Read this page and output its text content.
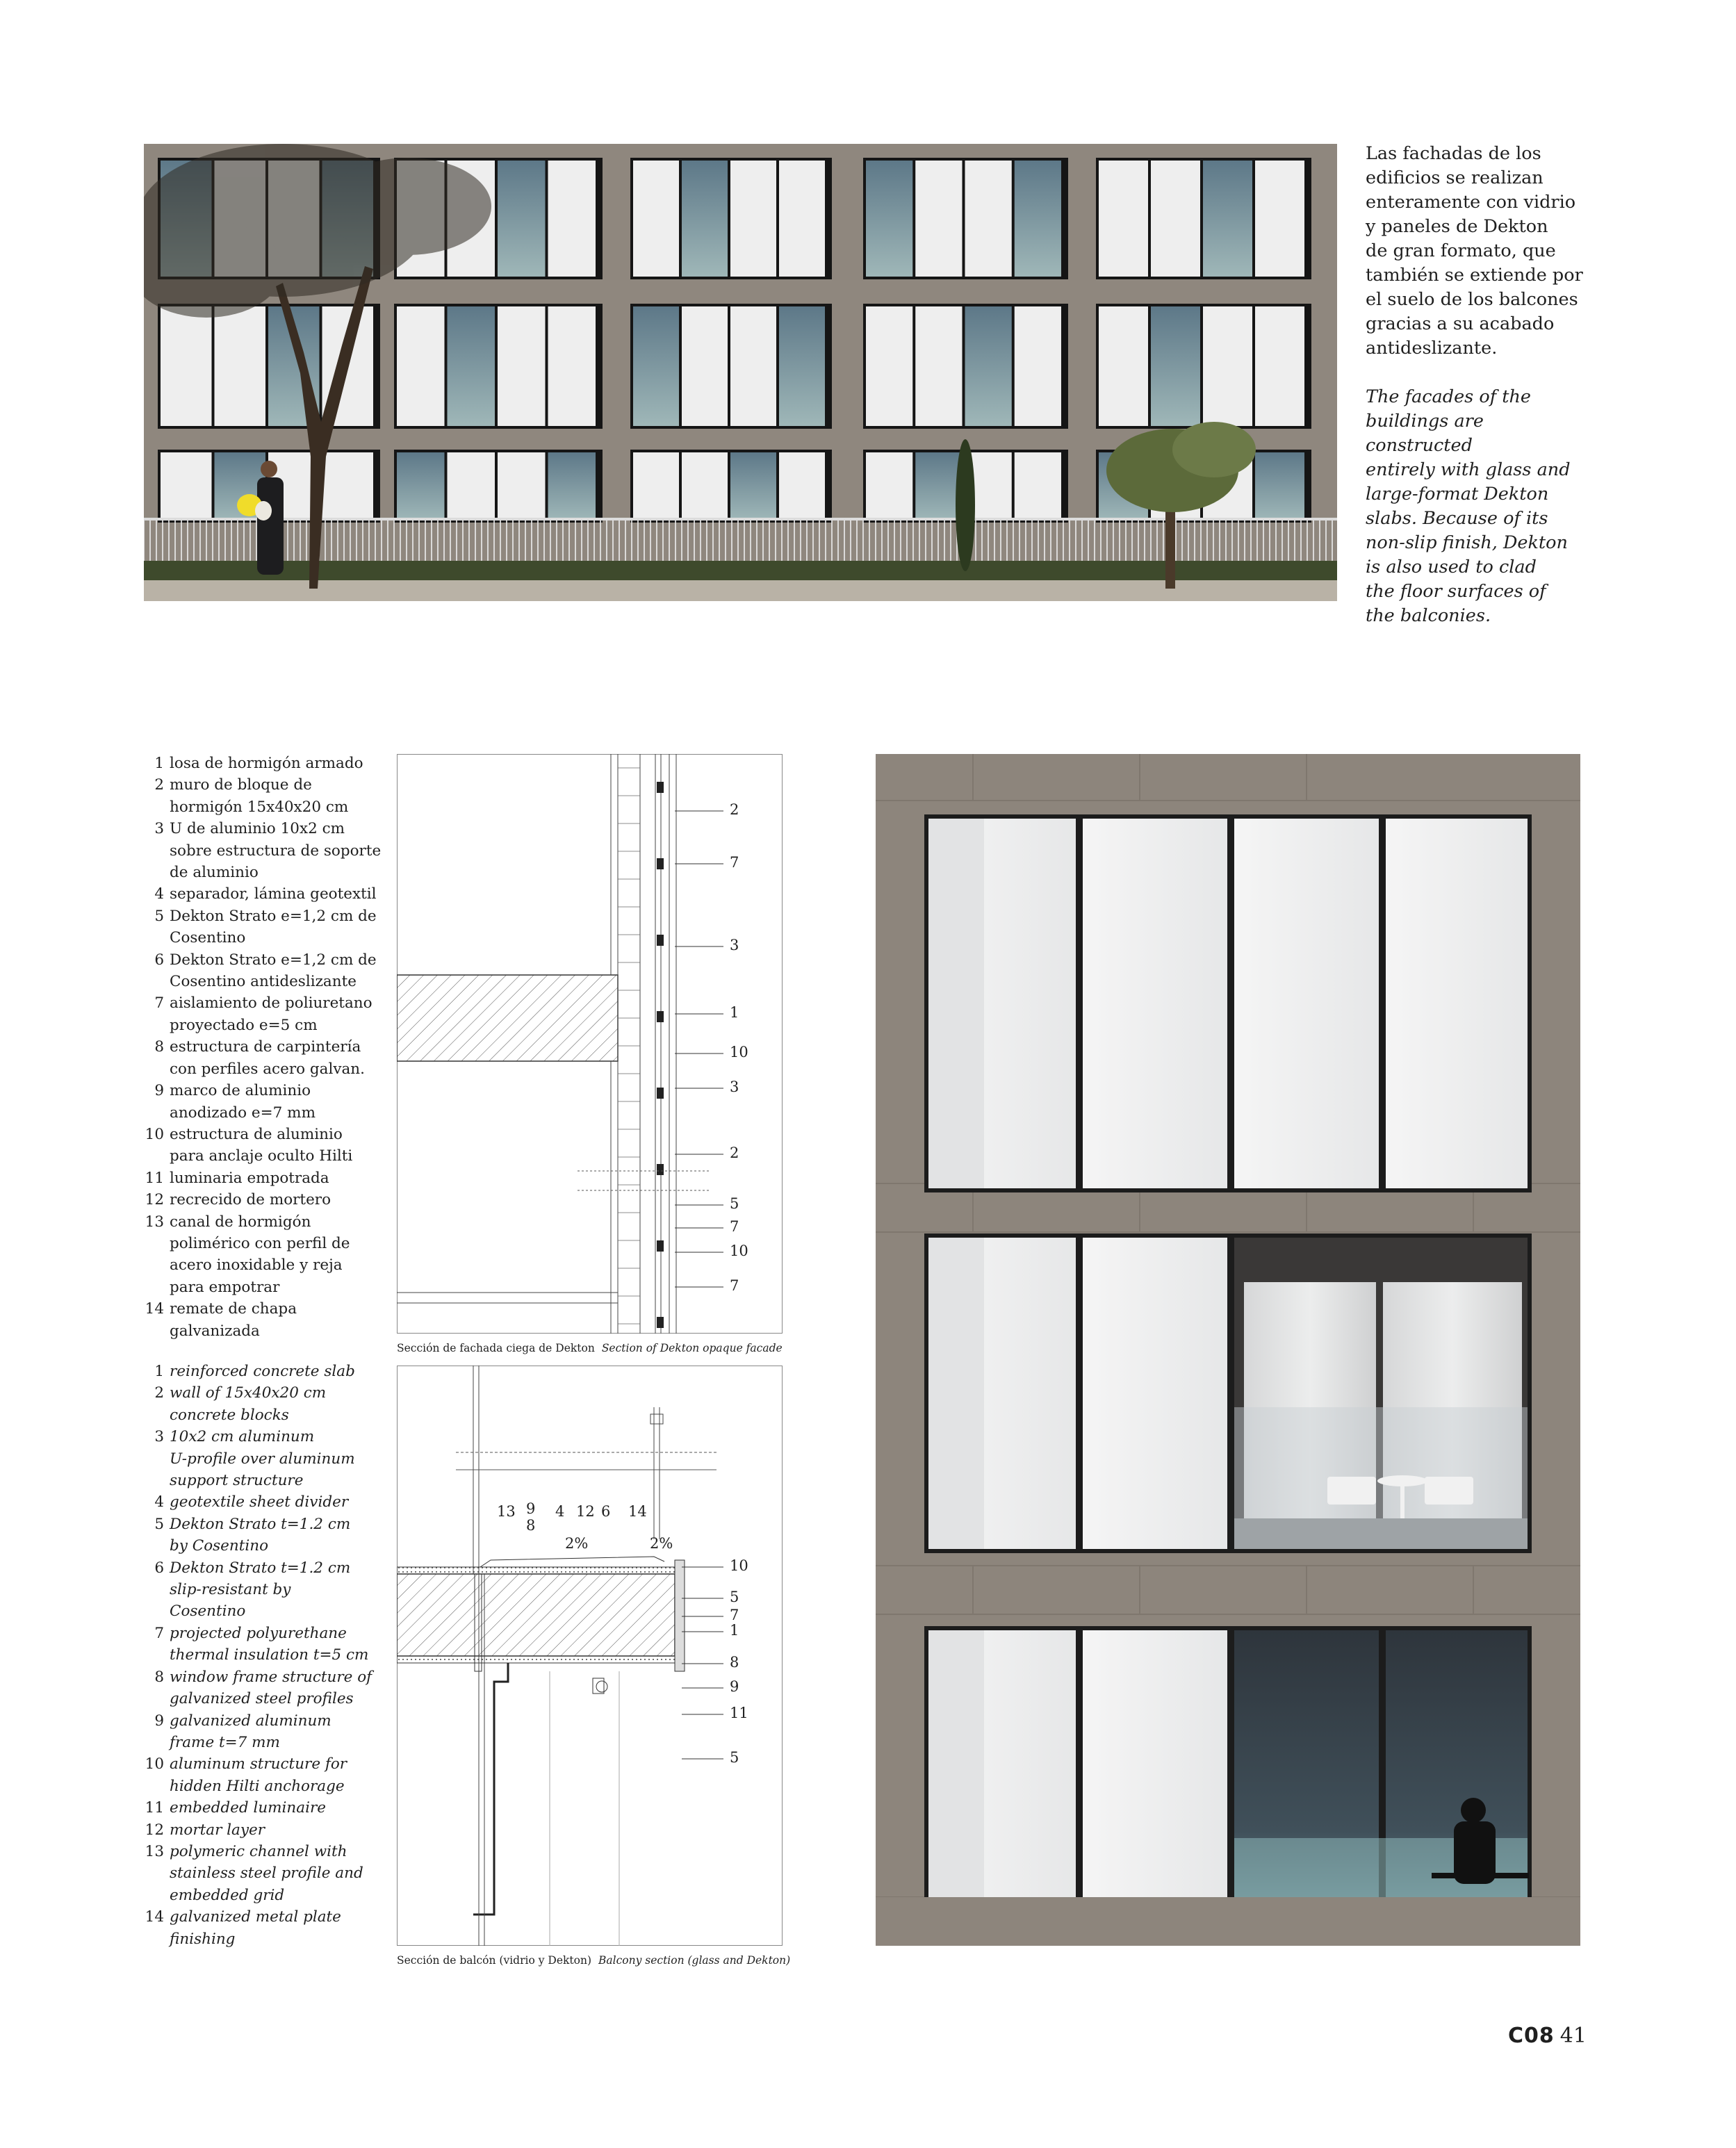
Las fachadas de los
edificios se realizan
enteramente con vidrio
y paneles de Dekton
de gran formato, que
también se extiende por
el suelo de los balcones
gracias a su acabado
antideslizante.
The facades of the
buildings are constructed
entirely with glass and
large-format Dekton
slabs. Because of its
non-slip finish, Dekton
is also used to clad
the floor surfaces of
the balconies.
1 losa de hormigón armado
2 muro de bloque de
hormigón 15x40x20 cm
3 U de aluminio 10x2 cm
sobre estructura de soporte
de aluminio
4 separador, lámina geotextil
5 Dekton Strato e=1,2 cm de
Cosentino
6 Dekton Strato e=1,2 cm de
Cosentino antideslizante
7 aislamiento de poliuretano
proyectado e=5 cm
8 estructura de carpintería
con perfiles acero galvan.
9 marco de aluminio
anodizado e=7 mm
10 estructura de aluminio
para anclaje oculto Hilti
11 luminaria empotrada
12 recrecido de mortero
13 canal de hormigón
polimérico con perfil de
acero inoxidable y reja
para empotrar
14 remate de chapa
galvanizada
1 reinforced concrete slab
2 wall of 15x40x20 cm
concrete blocks
3 10x2 cm aluminum
U-profile over aluminum
support structure
4 geotextile sheet divider
5 Dekton Strato t=1.2 cm
by Cosentino
6 Dekton Strato t=1.2 cm
slip-resistant by
Cosentino
7 projected polyurethane
thermal insulation t=5 cm
8 window frame structure of
galvanized steel profiles
9 galvanized aluminum
frame t=7 mm
10 aluminum structure for
hidden Hilti anchorage
11 embedded luminaire
12 mortar layer
13 polymeric channel with
stainless steel profile and
embedded grid
14 galvanized metal plate
finishing
2
7
3
1
10
3
2
5
7
10
7
Sección de fachada ciega de Dekton Section of Dekton opaque facade
13 9
8
4 12 6 14
2%	2%
10
5
7
1
8
9
11
5
Sección de balcón (vidrio y Dekton) Balcony section (glass and Dekton)
C08 41
